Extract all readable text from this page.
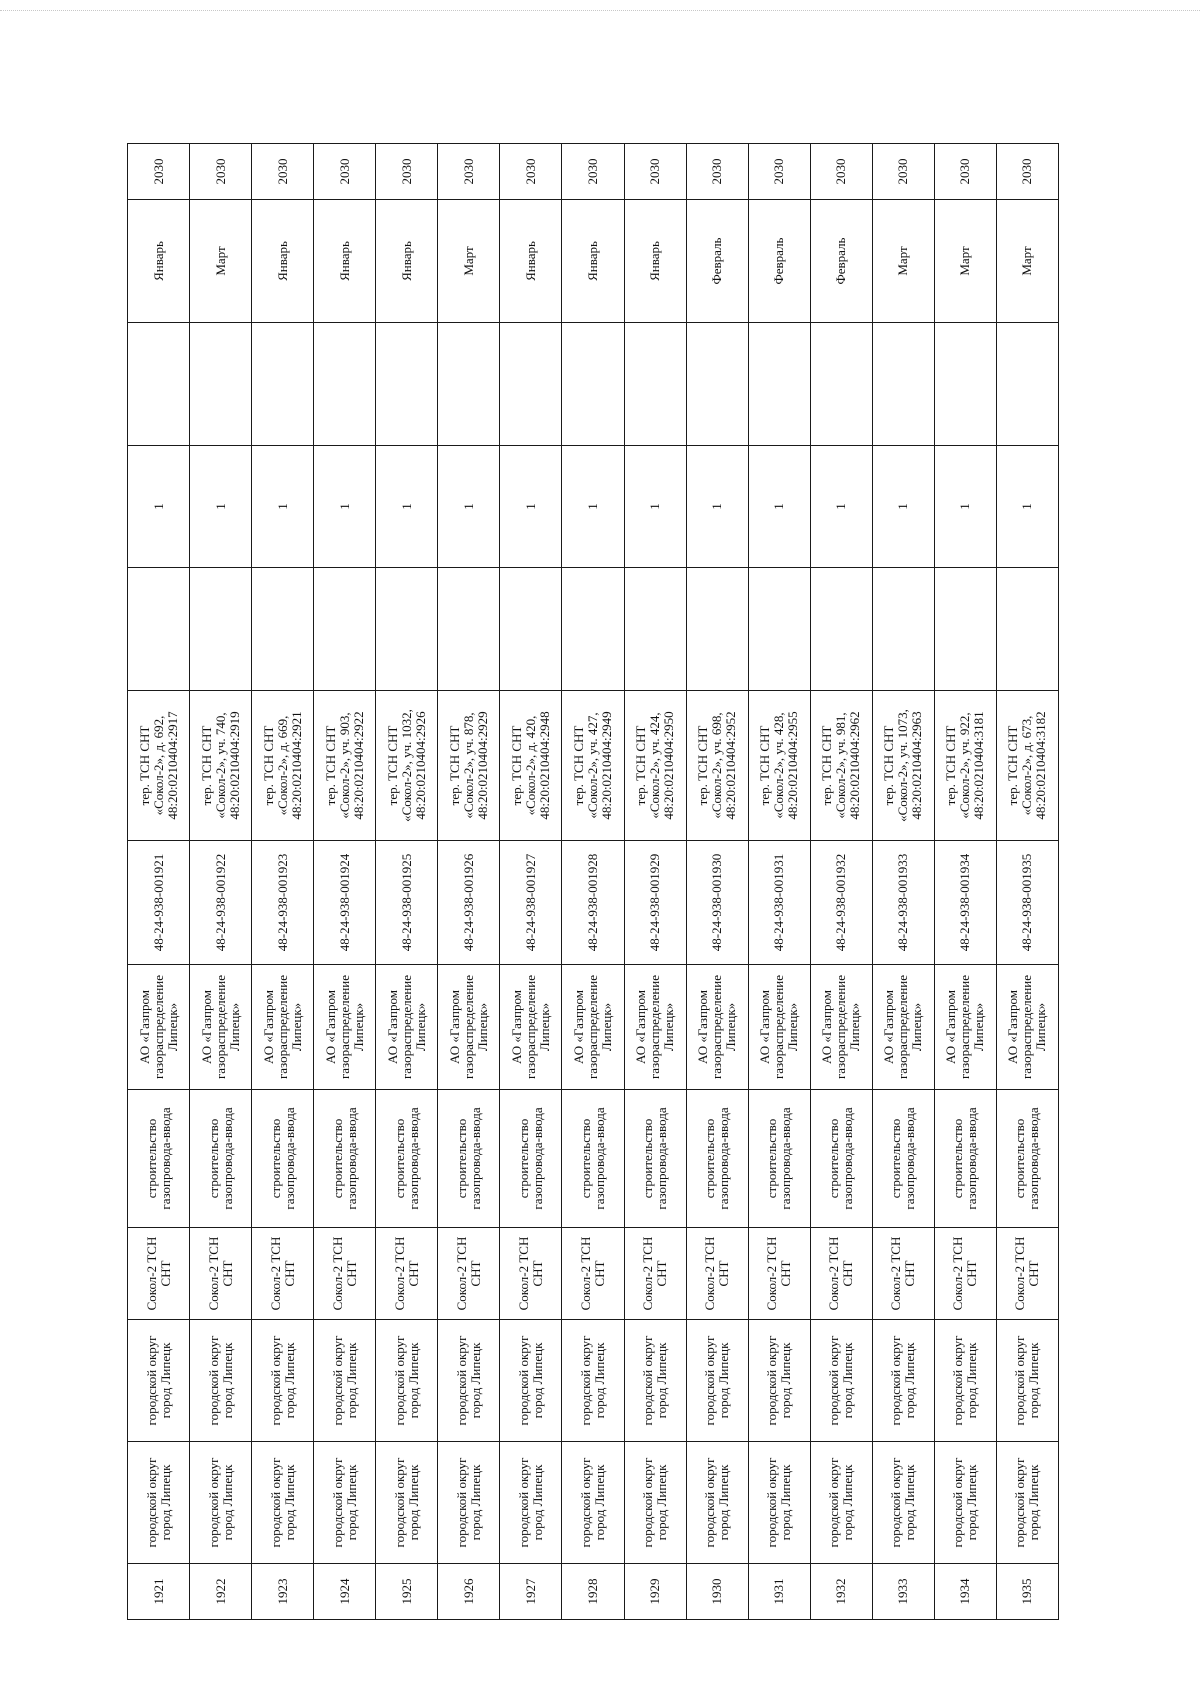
1921	городской округ город Липецк	городской округ город Липецк	Сокол-2 ТСН СНТ	строительство газопровода-ввода	АО «Газпром газораспределение Липецк»	48-24-938-001921	тер. ТСН СНТ «Сокол-2», д. 692, 48:20:0210404:2917		1		Январь	2030
1922	городской округ город Липецк	городской округ город Липецк	Сокол-2 ТСН СНТ	строительство газопровода-ввода	АО «Газпром газораспределение Липецк»	48-24-938-001922	тер. ТСН СНТ «Сокол-2», уч. 740, 48:20:0210404:2919		1		Март	2030
1923	городской округ город Липецк	городской округ город Липецк	Сокол-2 ТСН СНТ	строительство газопровода-ввода	АО «Газпром газораспределение Липецк»	48-24-938-001923	тер. ТСН СНТ «Сокол-2», д. 669, 48:20:0210404:2921		1		Январь	2030
1924	городской округ город Липецк	городской округ город Липецк	Сокол-2 ТСН СНТ	строительство газопровода-ввода	АО «Газпром газораспределение Липецк»	48-24-938-001924	тер. ТСН СНТ «Сокол-2», уч. 903, 48:20:0210404:2922		1		Январь	2030
1925	городской округ город Липецк	городской округ город Липецк	Сокол-2 ТСН СНТ	строительство газопровода-ввода	АО «Газпром газораспределение Липецк»	48-24-938-001925	тер. ТСН СНТ «Сокол-2», уч. 1032, 48:20:0210404:2926		1		Январь	2030
1926	городской округ город Липецк	городской округ город Липецк	Сокол-2 ТСН СНТ	строительство газопровода-ввода	АО «Газпром газораспределение Липецк»	48-24-938-001926	тер. ТСН СНТ «Сокол-2», уч. 878, 48:20:0210404:2929		1		Март	2030
1927	городской округ город Липецк	городской округ город Липецк	Сокол-2 ТСН СНТ	строительство газопровода-ввода	АО «Газпром газораспределение Липецк»	48-24-938-001927	тер. ТСН СНТ «Сокол-2», д. 420, 48:20:0210404:2948		1		Январь	2030
1928	городской округ город Липецк	городской округ город Липецк	Сокол-2 ТСН СНТ	строительство газопровода-ввода	АО «Газпром газораспределение Липецк»	48-24-938-001928	тер. ТСН СНТ «Сокол-2», уч. 427, 48:20:0210404:2949		1		Январь	2030
1929	городской округ город Липецк	городской округ город Липецк	Сокол-2 ТСН СНТ	строительство газопровода-ввода	АО «Газпром газораспределение Липецк»	48-24-938-001929	тер. ТСН СНТ «Сокол-2», уч. 424, 48:20:0210404:2950		1		Январь	2030
1930	городской округ город Липецк	городской округ город Липецк	Сокол-2 ТСН СНТ	строительство газопровода-ввода	АО «Газпром газораспределение Липецк»	48-24-938-001930	тер. ТСН СНТ «Сокол-2», уч. 698, 48:20:0210404:2952		1		Февраль	2030
1931	городской округ город Липецк	городской округ город Липецк	Сокол-2 ТСН СНТ	строительство газопровода-ввода	АО «Газпром газораспределение Липецк»	48-24-938-001931	тер. ТСН СНТ «Сокол-2», уч. 428, 48:20:0210404:2955		1		Февраль	2030
1932	городской округ город Липецк	городской округ город Липецк	Сокол-2 ТСН СНТ	строительство газопровода-ввода	АО «Газпром газораспределение Липецк»	48-24-938-001932	тер. ТСН СНТ «Сокол-2», уч. 981, 48:20:0210404:2962		1		Февраль	2030
1933	городской округ город Липецк	городской округ город Липецк	Сокол-2 ТСН СНТ	строительство газопровода-ввода	АО «Газпром газораспределение Липецк»	48-24-938-001933	тер. ТСН СНТ «Сокол-2», уч. 1073, 48:20:0210404:2963		1		Март	2030
1934	городской округ город Липецк	городской округ город Липецк	Сокол-2 ТСН СНТ	строительство газопровода-ввода	АО «Газпром газораспределение Липецк»	48-24-938-001934	тер. ТСН СНТ «Сокол-2», уч. 922, 48:20:0210404:3181		1		Март	2030
1935	городской округ город Липецк	городской округ город Липецк	Сокол-2 ТСН СНТ	строительство газопровода-ввода	АО «Газпром газораспределение Липецк»	48-24-938-001935	тер. ТСН СНТ «Сокол-2», д. 673, 48:20:0210404:3182		1		Март	2030
